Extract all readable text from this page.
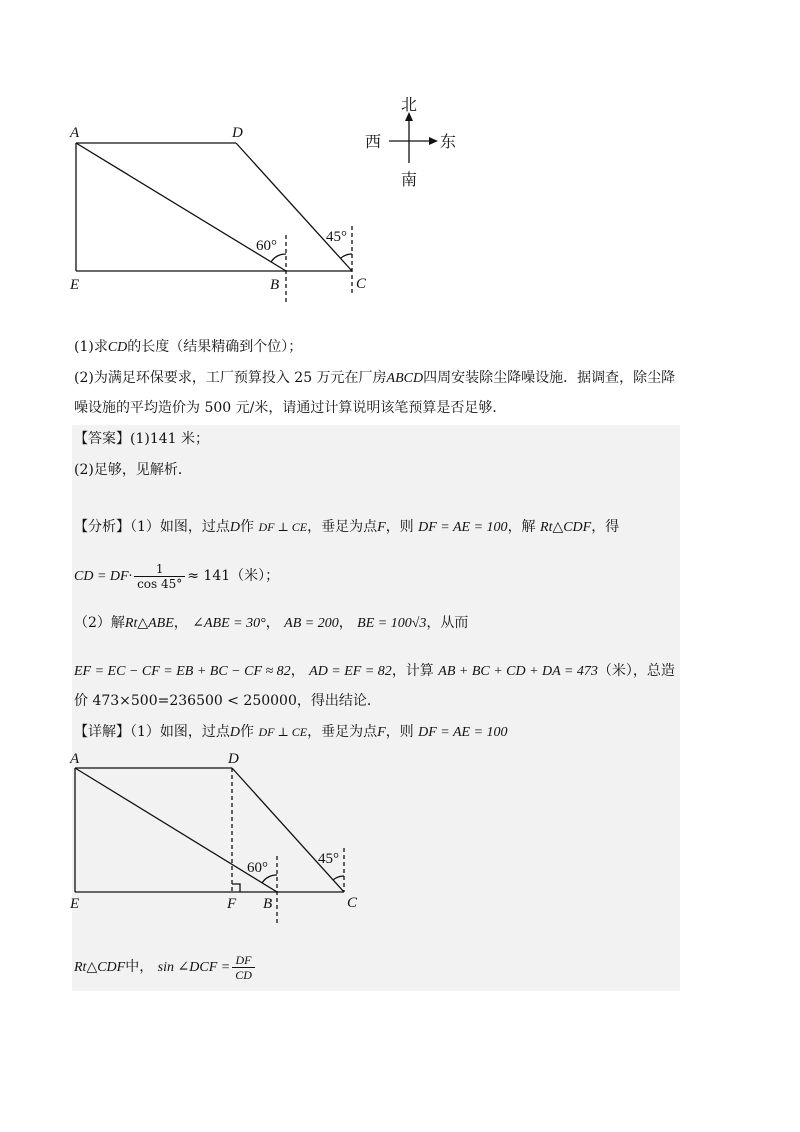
A	D
E	B	C
60°
45°
北
南
西	东
(1)求CD的长度（结果精确到个位）；
(2)为满足环保要求，工厂预算投入 25 万元在厂房ABCD四周安装除尘降噪设施．据调查，除尘降
噪设施的平均造价为 500 元/米，请通过计算说明该笔预算是否足够．
【答案】(1)141 米；
(2)足够，见解析．
【分析】（1）如图，过点D作 DF ⊥ CE，垂足为点F，则 DF = AE = 100，解 Rt△CDF，得
CD = $DF\cdot \frac{1}{\cos 45^\circ} \approx 141$（米）；
（2）解Rt△ABE， ∠ABE = 30°， AB = 200， BE = 100√3，从而
EF = EC − CF = EB + BC − CF ≈ 82， AD = EF = 82，计算 AB + BC + CD + DA = 473（米），总造
价 473×500=236500 < 250000，得出结论．
【详解】（1）如图，过点D作 DF ⊥ CE，垂足为点F，则 DF = AE = 100
A	D
E	F B	C
60°
45°
Rt△CDF中， sin ∠DCF = $\frac{DF}{CD}$
